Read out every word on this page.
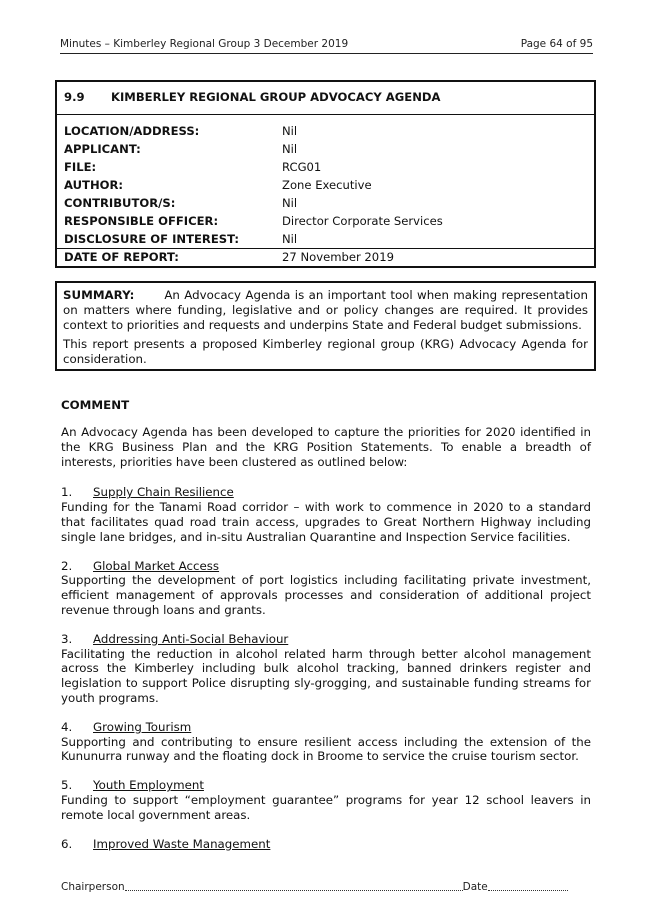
Minutes – Kimberley Regional Group 3 December 2019	Page 64 of 95
9.9 KIMBERLEY REGIONAL GROUP ADVOCACY AGENDA
LOCATION/ADDRESS:	Nil
APPLICANT:	Nil
FILE:	RCG01
AUTHOR:	Zone Executive
CONTRIBUTOR/S:	Nil
RESPONSIBLE OFFICER:	Director Corporate Services
DISCLOSURE OF INTEREST:	Nil
DATE OF REPORT:	27 November 2019

SUMMARY:	An Advocacy Agenda is an important tool when making representation on matters where funding, legislative and or policy changes are required. It provides context to priorities and requests and underpins State and Federal budget submissions.

This report presents a proposed Kimberley regional group (KRG) Advocacy Agenda for consideration.

COMMENT

An Advocacy Agenda has been developed to capture the priorities for 2020 identified in the KRG Business Plan and the KRG Position Statements. To enable a breadth of interests, priorities have been clustered as outlined below:

1. Supply Chain Resilience

Funding for the Tanami Road corridor – with work to commence in 2020 to a standard that facilitates quad road train access, upgrades to Great Northern Highway including single lane bridges, and in-situ Australian Quarantine and Inspection Service facilities.

2. Global Market Access

Supporting the development of port logistics including facilitating private investment, efficient management of approvals processes and consideration of additional project revenue through loans and grants.

3. Addressing Anti-Social Behaviour

Facilitating the reduction in alcohol related harm through better alcohol management across the Kimberley including bulk alcohol tracking, banned drinkers register and legislation to support Police disrupting sly-grogging, and sustainable funding streams for youth programs.

4. Growing Tourism

Supporting and contributing to ensure resilient access including the extension of the Kununurra runway and the floating dock in Broome to service the cruise tourism sector.

5. Youth Employment

Funding to support “employment guarantee” programs for year 12 school leavers in remote local government areas.

6. Improved Waste Management
Chairperson	Date
